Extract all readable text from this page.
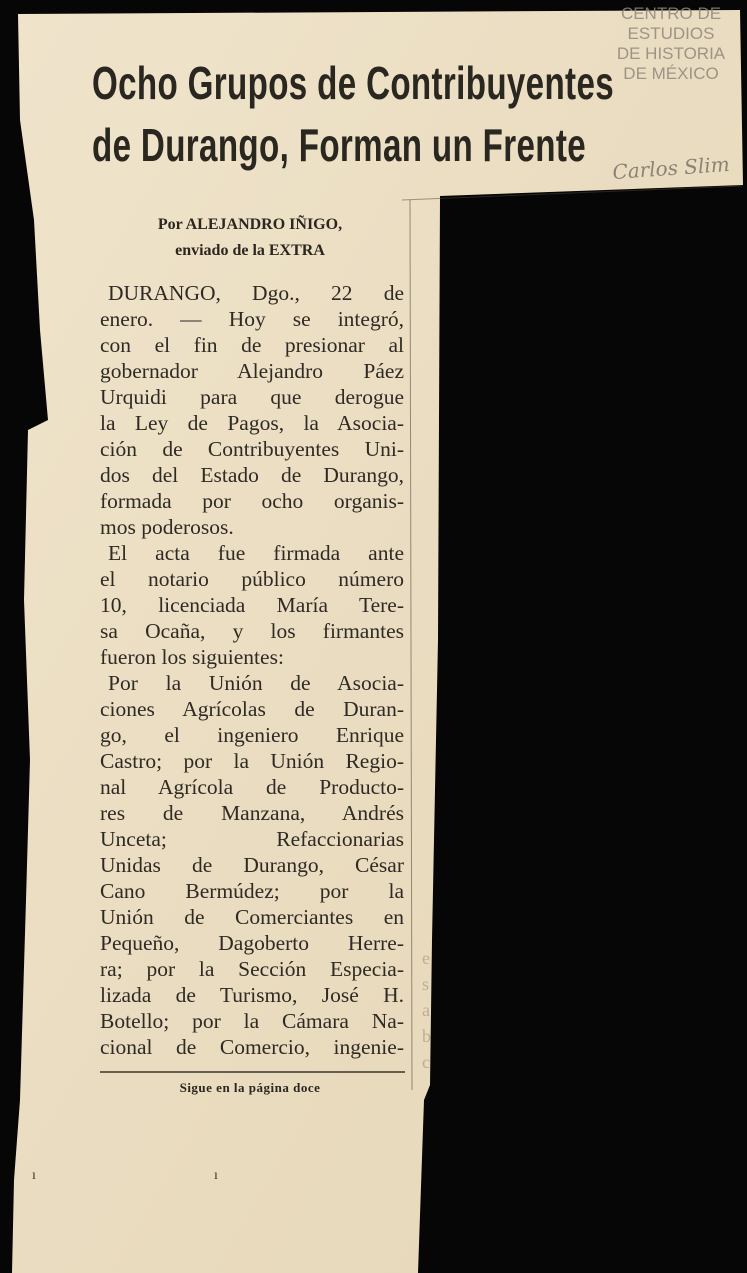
Ocho Grupos de Contribuyentes
de Durango, Forman un Frente
Por ALEJANDRO IÑIGO,
enviado de la EXTRA
DURANGO, Dgo., 22 de
enero. — Hoy se integró,
con el fin de presionar al
gobernador Alejandro Páez
Urquidi para que derogue
la Ley de Pagos, la Asocia-
ción de Contribuyentes Uni-
dos del Estado de Durango,
formada por ocho organis-
mos poderosos.
El acta fue firmada ante
el notario público número
10, licenciada María Tere-
sa Ocaña, y los firmantes
fueron los siguientes:
Por la Unión de Asocia-
ciones Agrícolas de Duran-
go, el ingeniero Enrique
Castro; por la Unión Regio-
nal Agrícola de Producto-
res de Manzana, Andrés
Unceta; Refaccionarias
Unidas de Durango, César
Cano Bermúdez; por la
Unión de Comerciantes en
Pequeño, Dagoberto Herre-
ra; por la Sección Especia-
lizada de Turismo, José H.
Botello; por la Cámara Na-
cional de Comercio, ingenie-
Sigue en la página doce
CENTRO DE
ESTUDIOS
DE HISTORIA
DE MÉXICO
Carlos Slim
e
s
a
b
c
ı	ı
